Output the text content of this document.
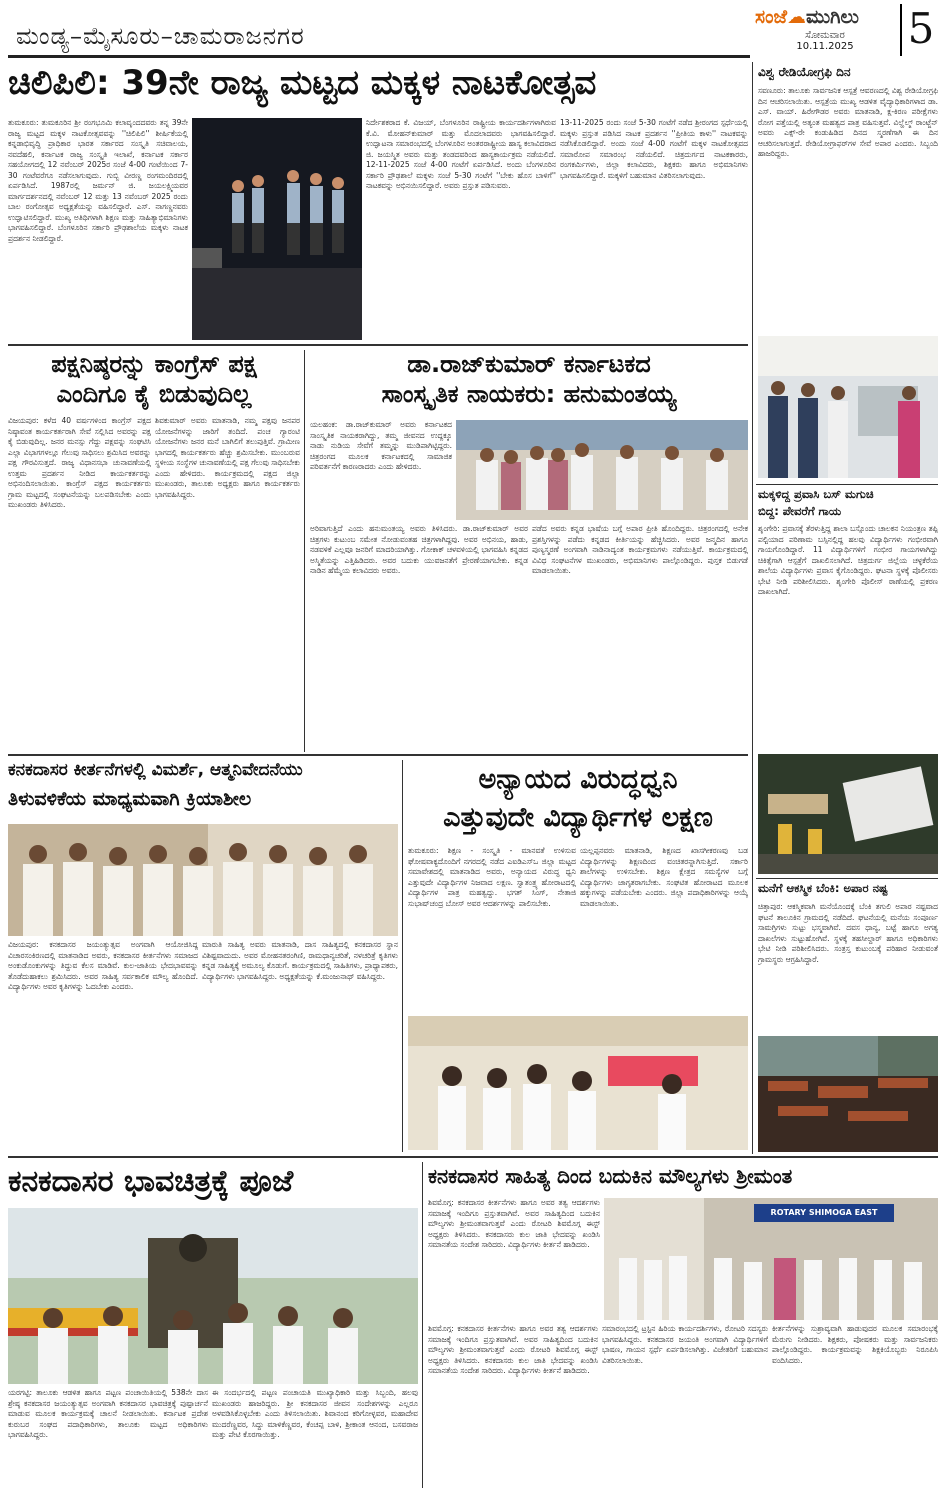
ಮಂಡ್ಯ–ಮೈಸೂರು–ಚಾಮರಾಜನಗರ
ಸಂಜೆ☁ಮುಗಿಲು
ಸೋಮವಾರ
10.11.2025	5
ಚಿಲಿಪಿಲಿ: 39ನೇ ರಾಜ್ಯ ಮಟ್ಟದ ಮಕ್ಕಳ ನಾಟಕೋತ್ಸವ
ತುಮಕೂರು: ತುಮಕೂರಿನ ಶ್ರೀ ರಂಗಭೂಮಿ ಕಲಾವೃಂದದವರು ತನ್ನ 39ನೇ ರಾಜ್ಯ ಮಟ್ಟದ ಮಕ್ಕಳ ನಾಟಕೋತ್ಸವವನ್ನು ''ಚಿಲಿಪಿಲಿ'' ಶೀರ್ಷಿಕೆಯಲ್ಲಿ ಕನ್ನಡಾಭಿವೃದ್ಧಿ ಪ್ರಾಧಿಕಾರ ಭಾರತ ಸರ್ಕಾರದ ಸಂಸ್ಕೃತಿ ಸಚಿವಾಲಯ, ನವದೆಹಲಿ, ಕರ್ನಾಟಕ ರಾಜ್ಯ ಸಂಸ್ಕೃತಿ ಇಲಾಖೆ, ಕರ್ನಾಟಕ ಸರ್ಕಾರ ಸಹಯೋಗದಲ್ಲಿ 12 ನವೆಂಬರ್ 2025ರ ಸಂಜೆ 4-00 ಗಂಟೆಯಿಂದ 7-30 ಗಂಟೆವರೆಗೂ ನಡೆಸಲಾಗುವುದು. ಗುಬ್ಬಿ ವೀರಣ್ಣ ರಂಗಮಂದಿರದಲ್ಲಿ ಏರ್ಪಡಿಸಿದೆ. 1987ರಲ್ಲಿ ಜರ್ಮನ್ ಜಿ. ಜಯಲಕ್ಷ್ಮಿಯವರ ಮಾರ್ಗದರ್ಶನದಲ್ಲಿ ನವೆಂಬರ್ 12 ಮತ್ತು 13 ನವೆಂಬರ್ 2025 ರಂದು ಬಾಲ ರಂಗೋತ್ಸವ ಅಧ್ಯಕ್ಷತೆಯನ್ನು ವಹಿಸಲಿದ್ದಾರೆ. ಎಸ್. ನಾಗಣ್ಣನವರು ಉದ್ಘಾಟಿಸಲಿದ್ದಾರೆ. ಮುಖ್ಯ ಅತಿಥಿಗಳಾಗಿ ಶಿಕ್ಷಣ ಮತ್ತು ಸಾಹಿತ್ಯಾಭಿಮಾನಿಗಳು ಭಾಗವಹಿಸಲಿದ್ದಾರೆ. ಬೆಂಗಳೂರಿನ ಸರ್ಕಾರಿ ಪ್ರೌಢಶಾಲೆಯ ಮಕ್ಕಳು ನಾಟಕ ಪ್ರದರ್ಶನ ನೀಡಲಿದ್ದಾರೆ.
ನಿರ್ದೇಶಕರಾದ ಕೆ. ವಿಜಯ್, ಬೆಂಗಳೂರಿನ ರಾಷ್ಟ್ರೀಯ ಕಾರ್ಯದರ್ಶಿಗಳಾಗಿರುವ ಕೆ.ವಿ. ಮೋಹನ್‌ಕುಮಾರ್ ಮತ್ತು ಮೊದಲಾದವರು ಭಾಗವಹಿಸಲಿದ್ದಾರೆ. ಉದ್ಘಾಟನಾ ಸಮಾರಂಭದಲ್ಲಿ ಬೆಂಗಳೂರಿನ ಅಂತರರಾಷ್ಟ್ರೀಯ ಹಾಸ್ಯ ಕಲಾವಿದರಾದ ಜಿ. ಜಯಸ್ಮಿತ ಅವರು ಮತ್ತು ತಂಡದವರಿಂದ ಹಾಸ್ಯಕಾರ್ಯಕ್ರಮ ನಡೆಯಲಿದೆ. 12-11-2025 ಸಂಜೆ 4-00 ಗಂಟೆಗೆ ಏರ್ಪಡಿಸಿದೆ. ಅಂದು ಬೆಂಗಳೂರಿನ ಸರ್ಕಾರಿ ಪ್ರೌಢಶಾಲೆ ಮಕ್ಕಳು ಸಂಜೆ 5-30 ಗಂಟೆಗೆ ''ಬೇಕು ಹೊಸ ಬಾಳಿಗೆ'' ನಾಟಕವನ್ನು ಅಭಿನಯಿಸಲಿದ್ದಾರೆ. ಅವರು ಪ್ರಸ್ತುತ ಪಡಿಸುವರು.
13-11-2025 ರಂದು ಸಂಜೆ 5-30 ಗಂಟೆಗೆ ನಡೆದ ಶ್ರೀರಂಗದ ಸ್ಪರ್ಧೆಯಲ್ಲಿ ಮಕ್ಕಳು ಪ್ರಸ್ತುತ ಪಡಿಸಿದ ನಾಟಕ ಪ್ರದರ್ಶನ ''ಪ್ರೀತಿಯ ಕಾಳು'' ನಾಟಕವನ್ನು ನಡೆಸಿಕೊಡಲಿದ್ದಾರೆ. ಅಂದು ಸಂಜೆ 4-00 ಗಂಟೆಗೆ ಮಕ್ಕಳ ನಾಟಕೋತ್ಸವದ ಸಮಾರೋಪ ಸಮಾರಂಭ ನಡೆಯಲಿದೆ. ಚಿತ್ರದುರ್ಗದ ನಾಟಕಕಾರರು, ರಂಗಕರ್ಮಿಗಳು, ಜಿಲ್ಲಾ ಕಲಾವಿದರು, ಶಿಕ್ಷಕರು ಹಾಗೂ ಅಭಿಮಾನಿಗಳು ಭಾಗವಹಿಸಲಿದ್ದಾರೆ. ಮಕ್ಕಳಿಗೆ ಬಹುಮಾನ ವಿತರಿಸಲಾಗುವುದು.
ಪಕ್ಷನಿಷ್ಠರನ್ನು ಕಾಂಗ್ರೆಸ್ ಪಕ್ಷ
ಎಂದಿಗೂ ಕೈ ಬಿಡುವುದಿಲ್ಲ
ವಿಜಯಪುರ: ಕಳೆದ 40 ವರ್ಷಗಳಿಂದ ಕಾಂಗ್ರೆಸ್ ಪಕ್ಷದ ನಿಷ್ಠಾವಂತ ಕಾರ್ಯಕರ್ತರಾಗಿ ಸೇವೆ ಸಲ್ಲಿಸಿದ ಅವರನ್ನು ಪಕ್ಷ ಕೈ ಬಿಡುವುದಿಲ್ಲ. ಜನರ ಮನಸ್ಸು ಗೆದ್ದು ಪಕ್ಷವನ್ನು ಸಂಘಟಿಸಿ ಎಲ್ಲಾ ವಿಭಾಗಗಳಲ್ಲೂ ಗೆಲುವು ಸಾಧಿಸಲು ಶ್ರಮಿಸಿದ ಅವರನ್ನು ಪಕ್ಷ ಗೌರವಿಸುತ್ತದೆ. ರಾಜ್ಯ ವಿಧಾನಸಭಾ ಚುನಾವಣೆಯಲ್ಲಿ ಉತ್ತಮ ಪ್ರದರ್ಶನ ನೀಡಿದ ಕಾರ್ಯಕರ್ತರನ್ನು ಅಭಿನಂದಿಸಲಾಯಿತು. ಕಾಂಗ್ರೆಸ್ ಪಕ್ಷದ ಕಾರ್ಯಕರ್ತರು ಗ್ರಾಮ ಮಟ್ಟದಲ್ಲಿ ಸಂಘಟನೆಯನ್ನು ಬಲಪಡಿಸಬೇಕು ಎಂದು ಮುಖಂಡರು ತಿಳಿಸಿದರು.
ಶಿವಕುಮಾರ್ ಅವರು ಮಾತನಾಡಿ, ನಮ್ಮ ಪಕ್ಷವು ಜನಪರ ಯೋಜನೆಗಳನ್ನು ಜಾರಿಗೆ ತಂದಿದೆ. ಪಂಚ ಗ್ಯಾರಂಟಿ ಯೋಜನೆಗಳು ಜನರ ಮನೆ ಬಾಗಿಲಿಗೆ ತಲುಪುತ್ತಿವೆ. ಗ್ರಾಮೀಣ ಭಾಗದಲ್ಲಿ ಕಾರ್ಯಕರ್ತರು ಹೆಚ್ಚು ಶ್ರಮಿಸಬೇಕು. ಮುಂಬರುವ ಸ್ಥಳೀಯ ಸಂಸ್ಥೆಗಳ ಚುನಾವಣೆಯಲ್ಲಿ ಪಕ್ಷ ಗೆಲುವು ಸಾಧಿಸಬೇಕು ಎಂದು ಹೇಳಿದರು. ಕಾರ್ಯಕ್ರಮದಲ್ಲಿ ಪಕ್ಷದ ಜಿಲ್ಲಾ ಮುಖಂಡರು, ತಾಲೂಕು ಅಧ್ಯಕ್ಷರು ಹಾಗೂ ಕಾರ್ಯಕರ್ತರು ಭಾಗವಹಿಸಿದ್ದರು.
ಡಾ.ರಾಜ್‌ಕುಮಾರ್ ಕರ್ನಾಟಕದ
ಸಾಂಸ್ಕೃತಿಕ ನಾಯಕರು: ಹನುಮಂತಯ್ಯ
ಯಲಹಂಕ: ಡಾ.ರಾಜ್‌ಕುಮಾರ್ ಅವರು ಕರ್ನಾಟಕದ ಸಾಂಸ್ಕೃತಿಕ ನಾಯಕರಾಗಿದ್ದು, ತಮ್ಮ ಜೀವನದ ಉದ್ದಕ್ಕೂ ನಾಡು ನುಡಿಯ ಸೇವೆಗೆ ತಮ್ಮನ್ನು ಮುಡಿಪಾಗಿಟ್ಟಿದ್ದರು. ಚಿತ್ರರಂಗದ ಮೂಲಕ ಕರ್ನಾಟಕದಲ್ಲಿ ಸಾಮಾಜಿಕ ಪರಿವರ್ತನೆಗೆ ಕಾರಣರಾದರು ಎಂದು ಹೇಳಿದರು.
ಅರಿವಾಗುತ್ತಿದೆ ಎಂದು ಹನುಮಂತಯ್ಯ ಅವರು ತಿಳಿಸಿದರು. ಡಾ.ರಾಜ್‌ಕುಮಾರ್ ಅವರ ಚಿತ್ರಗಳು ಕುಟುಂಬ ಸಮೇತ ನೋಡುವಂತಹ ಚಿತ್ರಗಳಾಗಿದ್ದವು. ಅವರ ಅಭಿನಯ, ಹಾಡು, ನಡವಳಿಕೆ ಎಲ್ಲವೂ ಜನರಿಗೆ ಮಾದರಿಯಾಗಿತ್ತು. ಗೋಕಾಕ್ ಚಳವಳಿಯಲ್ಲಿ ಭಾಗವಹಿಸಿ ಕನ್ನಡದ ಅಸ್ಮಿತೆಯನ್ನು ಎತ್ತಿಹಿಡಿದರು. ಅವರ ಬದುಕು ಯುವಜನತೆಗೆ ಪ್ರೇರಣೆಯಾಗಬೇಕು. ಕನ್ನಡ ನಾಡಿನ ಹೆಮ್ಮೆಯ ಕಲಾವಿದರು ಅವರು.
ಪಡೆದ ಅವರು ಕನ್ನಡ ಭಾಷೆಯ ಬಗ್ಗೆ ಅಪಾರ ಪ್ರೀತಿ ಹೊಂದಿದ್ದರು. ಚಿತ್ರರಂಗದಲ್ಲಿ ಅನೇಕ ಪ್ರಶಸ್ತಿಗಳನ್ನು ಪಡೆದು ಕನ್ನಡದ ಕೀರ್ತಿಯನ್ನು ಹೆಚ್ಚಿಸಿದರು. ಅವರ ಜನ್ಮದಿನ ಹಾಗೂ ಪುಣ್ಯಸ್ಮರಣೆ ಅಂಗವಾಗಿ ನಾಡಿನಾದ್ಯಂತ ಕಾರ್ಯಕ್ರಮಗಳು ನಡೆಯುತ್ತಿವೆ. ಕಾರ್ಯಕ್ರಮದಲ್ಲಿ ವಿವಿಧ ಸಂಘಟನೆಗಳ ಮುಖಂಡರು, ಅಭಿಮಾನಿಗಳು ಪಾಲ್ಗೊಂಡಿದ್ದರು. ಪುಸ್ತಕ ಬಿಡುಗಡೆ ಮಾಡಲಾಯಿತು.
ಕನಕದಾಸರ ಕೀರ್ತನೆಗಳಲ್ಲಿ ವಿಮರ್ಶೆ, ಆತ್ಮನಿವೇದನೆಯು
ತಿಳುವಳಿಕೆಯ ಮಾಧ್ಯಮವಾಗಿ ಕ್ರಿಯಾಶೀಲ
ವಿಜಯಪುರ: ಕನಕದಾಸರ ಜಯಂತ್ಯುತ್ಸವ ಅಂಗವಾಗಿ ಆಯೋಜಿಸಿದ್ದ ವಿಚಾರಸಂಕಿರಣದಲ್ಲಿ ಮಾತನಾಡಿದ ಅವರು, ಕನಕದಾಸರ ಕೀರ್ತನೆಗಳು ಸಮಾಜದ ಅಂಕುಡೊಂಕುಗಳನ್ನು ತಿದ್ದುವ ಕೆಲಸ ಮಾಡಿವೆ. ಕುಲ-ಜಾತಿಯ ಭೇದಭಾವವನ್ನು ತೊಡೆದುಹಾಕಲು ಶ್ರಮಿಸಿದರು. ಅವರ ಸಾಹಿತ್ಯ ಸರ್ವಕಾಲಿಕ ಮೌಲ್ಯ ಹೊಂದಿದೆ. ವಿದ್ಯಾರ್ಥಿಗಳು ಅವರ ಕೃತಿಗಳನ್ನು ಓದಬೇಕು ಎಂದರು.
ಮಾರುತಿ ಸಾಹಿತ್ಯ ಅವರು ಮಾತನಾಡಿ, ದಾಸ ಸಾಹಿತ್ಯದಲ್ಲಿ ಕನಕದಾಸರ ಸ್ಥಾನ ವಿಶಿಷ್ಟವಾದುದು. ಅವರ ಮೋಹನತರಂಗಿಣಿ, ರಾಮಧಾನ್ಯಚರಿತೆ, ನಳಚರಿತ್ರೆ ಕೃತಿಗಳು ಕನ್ನಡ ಸಾಹಿತ್ಯಕ್ಕೆ ಅಮೂಲ್ಯ ಕೊಡುಗೆ. ಕಾರ್ಯಕ್ರಮದಲ್ಲಿ ಸಾಹಿತಿಗಳು, ಪ್ರಾಧ್ಯಾಪಕರು, ವಿದ್ಯಾರ್ಥಿಗಳು ಭಾಗವಹಿಸಿದ್ದರು. ಅಧ್ಯಕ್ಷತೆಯನ್ನು ಕೆ.ಮಂಜುನಾಥ್ ವಹಿಸಿದ್ದರು.
ಅನ್ಯಾಯದ ವಿರುದ್ಧಧ್ವನಿ
ಎತ್ತುವುದೇ ವಿದ್ಯಾರ್ಥಿಗಳ ಲಕ್ಷಣ
ತುಮಕೂರು: ಶಿಕ್ಷಣ - ಸಂಸ್ಕೃತಿ - ಮಾನವತೆ ಉಳಿಸುವ ಘೋಷವಾಕ್ಯದೊಂದಿಗೆ ನಗರದಲ್ಲಿ ನಡೆದ ಎಐಡಿಎಸ್‌ಒ ಜಿಲ್ಲಾ ಮಟ್ಟದ ಸಮಾವೇಶದಲ್ಲಿ ಮಾತನಾಡಿದ ಅವರು, ಅನ್ಯಾಯದ ವಿರುದ್ಧ ಧ್ವನಿ ಎತ್ತುವುದೇ ವಿದ್ಯಾರ್ಥಿಗಳ ನಿಜವಾದ ಲಕ್ಷಣ. ಸ್ವಾತಂತ್ರ್ಯ ಹೋರಾಟದಲ್ಲಿ ವಿದ್ಯಾರ್ಥಿಗಳ ಪಾತ್ರ ಮಹತ್ವದ್ದು. ಭಗತ್ ಸಿಂಗ್, ನೇತಾಜಿ ಸುಭಾಷ್‌ಚಂದ್ರ ಬೋಸ್ ಅವರ ಆದರ್ಶಗಳನ್ನು ಪಾಲಿಸಬೇಕು.
ಯಲ್ಲಪ್ಪನವರು ಮಾತನಾಡಿ, ಶಿಕ್ಷಣದ ಖಾಸಗೀಕರಣವು ಬಡ ವಿದ್ಯಾರ್ಥಿಗಳನ್ನು ಶಿಕ್ಷಣದಿಂದ ವಂಚಿತರನ್ನಾಗಿಸುತ್ತಿದೆ. ಸರ್ಕಾರಿ ಶಾಲೆಗಳನ್ನು ಉಳಿಸಬೇಕು. ಶಿಕ್ಷಣ ಕ್ಷೇತ್ರದ ಸಮಸ್ಯೆಗಳ ಬಗ್ಗೆ ವಿದ್ಯಾರ್ಥಿಗಳು ಜಾಗೃತರಾಗಬೇಕು. ಸಂಘಟಿತ ಹೋರಾಟದ ಮೂಲಕ ಹಕ್ಕುಗಳನ್ನು ಪಡೆಯಬೇಕು ಎಂದರು. ಜಿಲ್ಲಾ ಪದಾಧಿಕಾರಿಗಳನ್ನು ಆಯ್ಕೆ ಮಾಡಲಾಯಿತು.
ಕನಕದಾಸರ ಭಾವಚಿತ್ರಕ್ಕೆ ಪೂಜೆ
ಯರಗಟ್ಟಿ: ತಾಲೂಕು ಆಡಳಿತ ಹಾಗೂ ಪಟ್ಟಣ ಪಂಚಾಯಿತಿಯಲ್ಲಿ 538ನೇ ದಾಸ ಶ್ರೇಷ್ಠ ಕನಕದಾಸರ ಜಯಂತ್ಯುತ್ಸವ ಅಂಗವಾಗಿ ಕನಕದಾಸರ ಭಾವಚಿತ್ರಕ್ಕೆ ಪುಷ್ಪಾರ್ಚನೆ ಮಾಡುವ ಮೂಲಕ ಕಾರ್ಯಕ್ರಮಕ್ಕೆ ಚಾಲನೆ ನೀಡಲಾಯಿತು. ಕರ್ನಾಟಕ ಪ್ರದೇಶ ಕುರುಬರ ಸಂಘದ ಪದಾಧಿಕಾರಿಗಳು, ತಾಲೂಕು ಮಟ್ಟದ ಅಧಿಕಾರಿಗಳು ಭಾಗವಹಿಸಿದ್ದರು.
ಈ ಸಂದರ್ಭದಲ್ಲಿ ಪಟ್ಟಣ ಪಂಚಾಯತಿ ಮುಖ್ಯಾಧಿಕಾರಿ ಮತ್ತು ಸಿಬ್ಬಂದಿ, ಹಲವು ಮುಖಂಡರು ಹಾಜರಿದ್ದರು. ಶ್ರೀ ಕನಕದಾಸರ ಜೀವನ ಸಂದೇಶಗಳನ್ನು ಎಲ್ಲರೂ ಅಳವಡಿಸಿಕೊಳ್ಳಬೇಕು ಎಂದು ತಿಳಿಸಲಾಯಿತು. ಶಿವಾನಂದ ಕರಿಗೋಳ್ಳವರ, ಮಹಾದೇವ ಮುದರೆಣ್ಣವರ, ಸಿದ್ದು ಮಾಳಿಕೆಣ್ಣವರ, ಕೆಂಚಪ್ಪ ಬಾಳಿ, ಶ್ರೀಕಾಂತ ಆನಂದ, ಬಸವರಾಜ ಮತ್ತು ಪೇಟಿ ಕೊರಗಾಯಿತ್ತು.
ಕನಕದಾಸರ ಸಾಹಿತ್ಯ ದಿಂದ ಬದುಕಿನ ಮೌಲ್ಯಗಳು ಶ್ರೀಮಂತ
ಶಿವಮೊಗ್ಗ: ಕನಕದಾಸರ ಕೀರ್ತನೆಗಳು ಹಾಗೂ ಅವರ ತತ್ವ ಆದರ್ಶಗಳು ಸಮಾಜಕ್ಕೆ ಇಂದಿಗೂ ಪ್ರಸ್ತುತವಾಗಿವೆ. ಅವರ ಸಾಹಿತ್ಯದಿಂದ ಬದುಕಿನ ಮೌಲ್ಯಗಳು ಶ್ರೀಮಂತವಾಗುತ್ತವೆ ಎಂದು ರೋಟರಿ ಶಿವಮೊಗ್ಗ ಈಸ್ಟ್ ಅಧ್ಯಕ್ಷರು ತಿಳಿಸಿದರು. ಕನಕದಾಸರು ಕುಲ ಜಾತಿ ಭೇದವನ್ನು ಖಂಡಿಸಿ ಸಮಾನತೆಯ ಸಂದೇಶ ಸಾರಿದರು. ವಿದ್ಯಾರ್ಥಿಗಳು ಕೀರ್ತನೆ ಹಾಡಿದರು.
ROTARY SHIMOGA EAST
ಶಿವಮೊಗ್ಗ: ಕನಕದಾಸರ ಕೀರ್ತನೆಗಳು ಹಾಗೂ ಅವರ ತತ್ವ ಆದರ್ಶಗಳು ಸಮಾಜಕ್ಕೆ ಇಂದಿಗೂ ಪ್ರಸ್ತುತವಾಗಿವೆ. ಅವರ ಸಾಹಿತ್ಯದಿಂದ ಬದುಕಿನ ಮೌಲ್ಯಗಳು ಶ್ರೀಮಂತವಾಗುತ್ತವೆ ಎಂದು ರೋಟರಿ ಶಿವಮೊಗ್ಗ ಈಸ್ಟ್ ಅಧ್ಯಕ್ಷರು ತಿಳಿಸಿದರು. ಕನಕದಾಸರು ಕುಲ ಜಾತಿ ಭೇದವನ್ನು ಖಂಡಿಸಿ ಸಮಾನತೆಯ ಸಂದೇಶ ಸಾರಿದರು. ವಿದ್ಯಾರ್ಥಿಗಳು ಕೀರ್ತನೆ ಹಾಡಿದರು.
ಸಮಾರಂಭದಲ್ಲಿ ಟ್ರಸ್ಟಿನ ಹಿರಿಯ ಕಾರ್ಯದರ್ಶಿಗಳು, ರೋಟರಿ ಸದಸ್ಯರು ಭಾಗವಹಿಸಿದ್ದರು. ಕನಕದಾಸರ ಜಯಂತಿ ಅಂಗವಾಗಿ ವಿದ್ಯಾರ್ಥಿಗಳಿಗೆ ಭಾಷಣ, ಗಾಯನ ಸ್ಪರ್ಧೆ ಏರ್ಪಡಿಸಲಾಗಿತ್ತು. ವಿಜೇತರಿಗೆ ಬಹುಮಾನ ವಿತರಿಸಲಾಯಿತು.
ಕೀರ್ತನೆಗಳನ್ನು ಸುಶ್ರಾವ್ಯವಾಗಿ ಹಾಡುವುದರ ಮೂಲಕ ಸಮಾರಂಭಕ್ಕೆ ಮೆರುಗು ನೀಡಿದರು. ಶಿಕ್ಷಕರು, ಪೋಷಕರು ಮತ್ತು ಸಾರ್ವಜನಿಕರು ಪಾಲ್ಗೊಂಡಿದ್ದರು. ಕಾರ್ಯಕ್ರಮವನ್ನು ಶಿಕ್ಷಕಿಯೊಬ್ಬರು ನಿರೂಪಿಸಿ ವಂದಿಸಿದರು.
ವಿಶ್ವ ರೇಡಿಯೋಗ್ರಫಿ ದಿನ
ಸವಣೂರು: ತಾಲೂಕು ಸಾರ್ವಜನಿಕ ಆಸ್ಪತ್ರೆ ಆವರಣದಲ್ಲಿ ವಿಶ್ವ ರೇಡಿಯೋಗ್ರಫಿ ದಿನ ಆಚರಿಸಲಾಯಿತು. ಆಸ್ಪತ್ರೆಯ ಮುಖ್ಯ ಆಡಳಿತ ವೈದ್ಯಾಧಿಕಾರಿಗಳಾದ ಡಾ. ಎಸ್. ವಾಯ್. ಹಿರೇಗೌಡರ ಅವರು ಮಾತನಾಡಿ, ಕ್ಷ-ಕಿರಣ ಪರೀಕ್ಷೆಗಳು ರೋಗ ಪತ್ತೆಯಲ್ಲಿ ಅತ್ಯಂತ ಮಹತ್ವದ ಪಾತ್ರ ವಹಿಸುತ್ತವೆ. ವಿಲ್ಹೆಲ್ಮ್ ರಾಂಟ್ಜೆನ್ ಅವರು ಎಕ್ಸ್-ರೇ ಕಂಡುಹಿಡಿದ ದಿನದ ಸ್ಮರಣೆಗಾಗಿ ಈ ದಿನ ಆಚರಿಸಲಾಗುತ್ತದೆ. ರೇಡಿಯೋಗ್ರಾಫರ್‌ಗಳ ಸೇವೆ ಅಪಾರ ಎಂದರು. ಸಿಬ್ಬಂದಿ ಹಾಜರಿದ್ದರು.
ಮಕ್ಕಳಿದ್ದ ಪ್ರವಾಸಿ ಬಸ್ ಮಗುಚಿ
ಬಿದ್ದ: ಪೇವರೆಗೆ ಗಾಯ
ಶೃಂಗೇರಿ: ಪ್ರವಾಸಕ್ಕೆ ತೆರಳುತ್ತಿದ್ದ ಶಾಲಾ ಬಸ್ಸೊಂದು ಚಾಲಕನ ನಿಯಂತ್ರಣ ತಪ್ಪಿ ಪಲ್ಟಿಯಾದ ಪರಿಣಾಮ ಬಸ್ಸಿನಲ್ಲಿದ್ದ ಹಲವು ವಿದ್ಯಾರ್ಥಿಗಳು ಗಂಭೀರವಾಗಿ ಗಾಯಗೊಂಡಿದ್ದಾರೆ. 11 ವಿದ್ಯಾರ್ಥಿಗಳಿಗೆ ಗಂಭೀರ ಗಾಯಗಳಾಗಿದ್ದು ಚಿಕಿತ್ಸೆಗಾಗಿ ಆಸ್ಪತ್ರೆಗೆ ದಾಖಲಿಸಲಾಗಿದೆ. ಚಿತ್ರದುರ್ಗ ಜಿಲ್ಲೆಯ ಚಳ್ಳಕೆರೆಯ ಶಾಲೆಯ ವಿದ್ಯಾರ್ಥಿಗಳು ಪ್ರವಾಸ ಕೈಗೊಂಡಿದ್ದರು. ಘಟನಾ ಸ್ಥಳಕ್ಕೆ ಪೊಲೀಸರು ಭೇಟಿ ನೀಡಿ ಪರಿಶೀಲಿಸಿದರು. ಶೃಂಗೇರಿ ಪೊಲೀಸ್ ಠಾಣೆಯಲ್ಲಿ ಪ್ರಕರಣ ದಾಖಲಾಗಿದೆ.
ಮನೆಗೆ ಆಕಸ್ಮಿಕ ಬೆಂಕಿ: ಅಪಾರ ನಷ್ಟ
ಚಿತ್ತಾಪುರ: ಆಕಸ್ಮಿಕವಾಗಿ ಮನೆಯೊಂದಕ್ಕೆ ಬೆಂಕಿ ತಗುಲಿ ಅಪಾರ ನಷ್ಟವಾದ ಘಟನೆ ತಾಲೂಕಿನ ಗ್ರಾಮದಲ್ಲಿ ನಡೆದಿದೆ. ಘಟನೆಯಲ್ಲಿ ಮನೆಯ ಸಂಪೂರ್ಣ ಸಾಮಗ್ರಿಗಳು ಸುಟ್ಟು ಭಸ್ಮವಾಗಿವೆ. ದವಸ ಧಾನ್ಯ, ಬಟ್ಟೆ ಹಾಗೂ ಅಗತ್ಯ ದಾಖಲೆಗಳು ಸುಟ್ಟುಹೋಗಿವೆ. ಸ್ಥಳಕ್ಕೆ ತಹಸೀಲ್ದಾರ್ ಹಾಗೂ ಅಧಿಕಾರಿಗಳು ಭೇಟಿ ನೀಡಿ ಪರಿಶೀಲಿಸಿದರು. ಸಂತ್ರಸ್ತ ಕುಟುಂಬಕ್ಕೆ ಪರಿಹಾರ ನೀಡುವಂತೆ ಗ್ರಾಮಸ್ಥರು ಆಗ್ರಹಿಸಿದ್ದಾರೆ.
